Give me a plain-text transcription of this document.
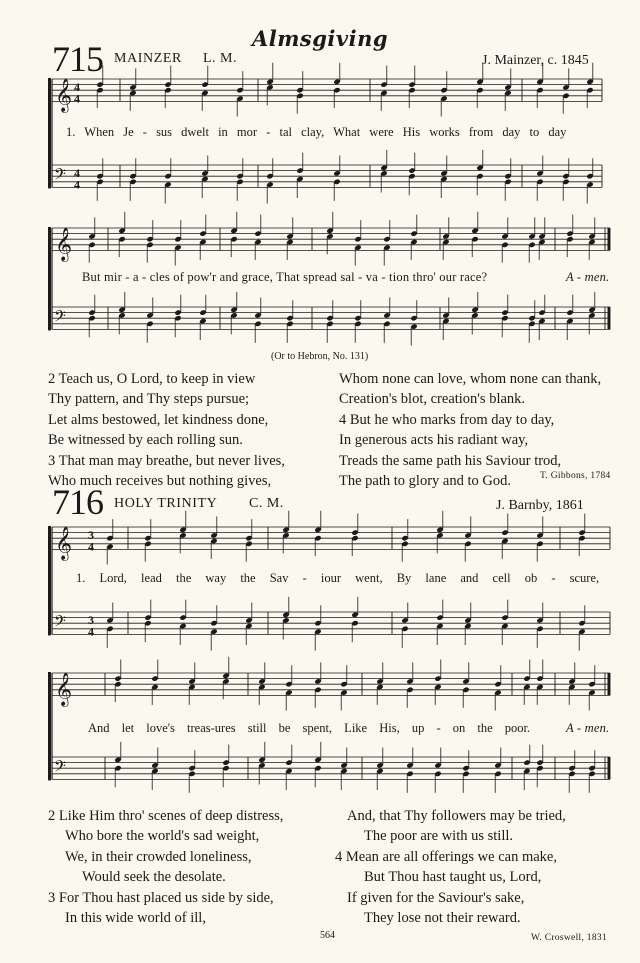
Almsgiving
715 MAINZER L. M.	J. Mainzer, c. 1845
1. When Je - sus dwelt in mor - tal clay, What were His works from day to day
But mir - a - cles of pow'r and grace, That spread sal - va - tion thro' our race?	A - men.
(Or to Hebron, No. 131)
2 Teach us, O Lord, to keep in view
Thy pattern, and Thy steps pursue;
Let alms bestowed, let kindness done,
Be witnessed by each rolling sun.
3 That man may breathe, but never lives,
Who much receives but nothing gives,
Whom none can love, whom none can thank,
Creation's blot, creation's blank.
4 But he who marks from day to day,
In generous acts his radiant way,
Treads the same path his Saviour trod,
The path to glory and to God.	T. Gibbons, 1784
716 HOLY TRINITY C. M.	J. Barnby, 1861
1. Lord, lead the way the Sav - iour went, By lane and cell ob - scure,
And let love's treas-ures still be spent, Like His, up - on the poor.	A - men.
2 Like Him thro' scenes of deep distress,
Who bore the world's sad weight,
We, in their crowded loneliness,
Would seek the desolate.
3 For Thou hast placed us side by side,
In this wide world of ill,
And, that Thy followers may be tried,
The poor are with us still.
4 Mean are all offerings we can make,
But Thou hast taught us, Lord,
If given for the Saviour's sake,
They lose not their reward.
564	W. Croswell, 1831
𝄞
𝄢
4
4
4
4
𝄞
𝄢
𝄞
𝄢
3
3
4
4
𝄞
𝄢
